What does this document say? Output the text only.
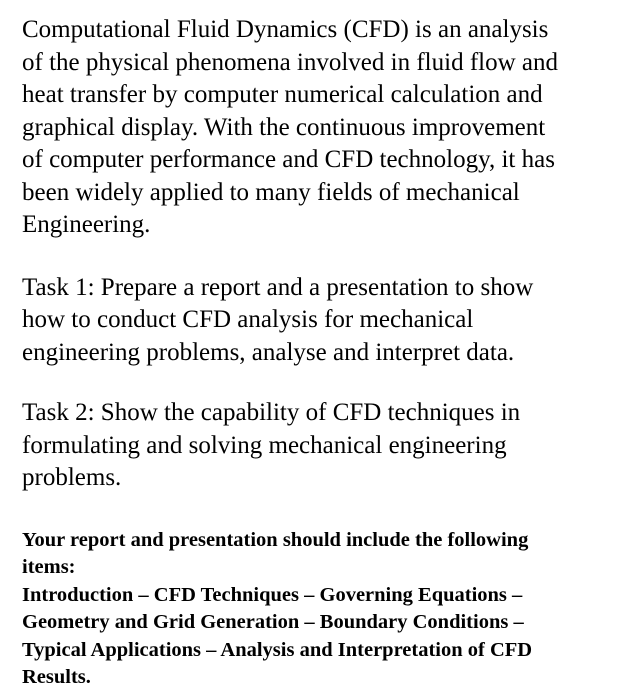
Computational Fluid Dynamics (CFD) is an analysis
of the physical phenomena involved in fluid flow and
heat transfer by computer numerical calculation and
graphical display. With the continuous improvement
of computer performance and CFD technology, it has
been widely applied to many fields of mechanical
Engineering.

Task 1: Prepare a report and a presentation to show
how to conduct CFD analysis for mechanical
engineering problems, analyse and interpret data.

Task 2: Show the capability of CFD techniques in
formulating and solving mechanical engineering
problems.

Your report and presentation should include the following
items:
Introduction – CFD Techniques – Governing Equations –
Geometry and Grid Generation – Boundary Conditions –
Typical Applications – Analysis and Interpretation of CFD
Results.
